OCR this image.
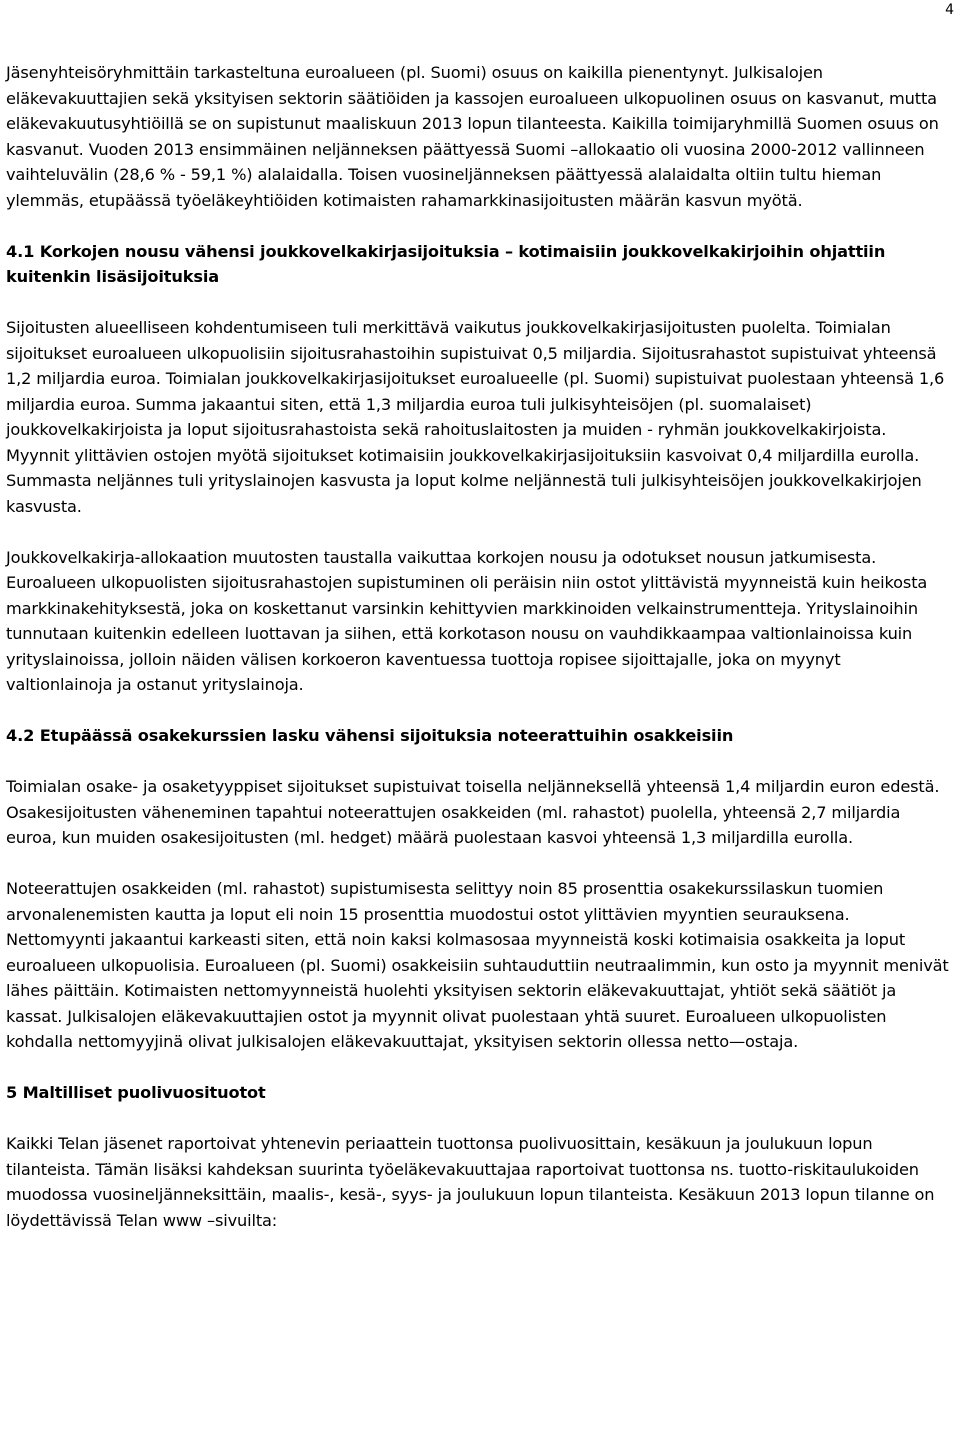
4

Jäsenyhteisöryhmittäin tarkasteltuna euroalueen (pl. Suomi) osuus on kaikilla pienentynyt. Julkisalojen eläkevakuuttajien sekä yksityisen sektorin säätiöiden ja kassojen euroalueen ulkopuolinen osuus on kasvanut, mutta eläkevakuutusyhtiöillä se on supistunut maaliskuun 2013 lopun tilanteesta. Kaikilla toimijaryhmillä Suomen osuus on kasvanut. Vuoden 2013 ensimmäinen neljänneksen päättyessä Suomi –allokaatio oli vuosina 2000-2012 vallinneen vaihteluvälin (28,6 % - 59,1 %) alalaidalla. Toisen vuosineljänneksen päättyessä alalaidalta oltiin tultu hieman ylemmäs, etupäässä työeläkeyhtiöiden kotimaisten rahamarkkinasijoitusten määrän kasvun myötä.

4.1 Korkojen nousu vähensi joukkovelkakirjasijoituksia – kotimaisiin joukkovelkakirjoihin ohjattiin kuitenkin lisäsijoituksia

Sijoitusten alueelliseen kohdentumiseen tuli merkittävä vaikutus joukkovelkakirjasijoitusten puolelta. Toimialan sijoitukset euroalueen ulkopuolisiin sijoitusrahastoihin supistuivat 0,5 miljardia. Sijoitusrahastot supistuivat yhteensä 1,2 miljardia euroa. Toimialan joukkovelkakirjasijoitukset euroalueelle (pl. Suomi) supistuivat puolestaan yhteensä 1,6 miljardia euroa. Summa jakaantui siten, että 1,3 miljardia euroa tuli julkisyhteisöjen (pl. suomalaiset) joukkovelkakirjoista ja loput sijoitusrahastoista sekä rahoituslaitosten ja muiden - ryhmän joukkovelkakirjoista. Myynnit ylittävien ostojen myötä sijoitukset kotimaisiin joukkovelkakirjasijoituksiin kasvoivat 0,4 miljardilla eurolla. Summasta neljännes tuli yrityslainojen kasvusta ja loput kolme neljännestä tuli julkisyhteisöjen joukkovelkakirjojen kasvusta.

Joukkovelkakirja-allokaation muutosten taustalla vaikuttaa korkojen nousu ja odotukset nousun jatkumisesta. Euroalueen ulkopuolisten sijoitusrahastojen supistuminen oli peräisin niin ostot ylittävistä myynneistä kuin heikosta markkinakehityksestä, joka on koskettanut varsinkin kehittyvien markkinoiden velkainstrumentteja. Yrityslainoihin tunnutaan kuitenkin edelleen luottavan ja siihen, että korkotason nousu on vauhdikkaampaa valtionlainoissa kuin yrityslainoissa, jolloin näiden välisen korkoeron kaventuessa tuottoja ropisee sijoittajalle, joka on myynyt valtionlainoja ja ostanut yrityslainoja.

4.2 Etupäässä osakekurssien lasku vähensi sijoituksia noteerattuihin osakkeisiin

Toimialan osake- ja osaketyyppiset sijoitukset supistuivat toisella neljänneksellä yhteensä 1,4 miljardin euron edestä. Osakesijoitusten väheneminen tapahtui noteerattujen osakkeiden (ml. rahastot) puolella, yhteensä 2,7 miljardia euroa, kun muiden osakesijoitusten (ml. hedget) määrä puolestaan kasvoi yhteensä 1,3 miljardilla eurolla.

Noteerattujen osakkeiden (ml. rahastot) supistumisesta selittyy noin 85 prosenttia osakekurssilaskun tuomien arvonalenemisten kautta ja loput eli noin 15 prosenttia muodostui ostot ylittävien myyntien seurauksena. Nettomyynti jakaantui karkeasti siten, että noin kaksi kolmasosaa myynneistä koski kotimaisia osakkeita ja loput euroalueen ulkopuolisia. Euroalueen (pl. Suomi) osakkeisiin suhtauduttiin neutraalimmin, kun osto ja myynnit menivät lähes päittäin. Kotimaisten nettomyynneistä huolehti yksityisen sektorin eläkevakuuttajat, yhtiöt sekä säätiöt ja kassat. Julkisalojen eläkevakuuttajien ostot ja myynnit olivat puolestaan yhtä suuret. Euroalueen ulkopuolisten kohdalla nettomyyjinä olivat julkisalojen eläkevakuuttajat, yksityisen sektorin ollessa netto—ostaja.

5 Maltilliset puolivuosituotot

Kaikki Telan jäsenet raportoivat yhtenevin periaattein tuottonsa puolivuosittain, kesäkuun ja joulukuun lopun tilanteista. Tämän lisäksi kahdeksan suurinta työeläkevakuuttajaa raportoivat tuottonsa ns. tuotto-riskitaulukoiden muodossa vuosineljänneksittäin, maalis-, kesä-, syys- ja joulukuun lopun tilanteista. Kesäkuun 2013 lopun tilanne on löydettävissä Telan www –sivuilta:
